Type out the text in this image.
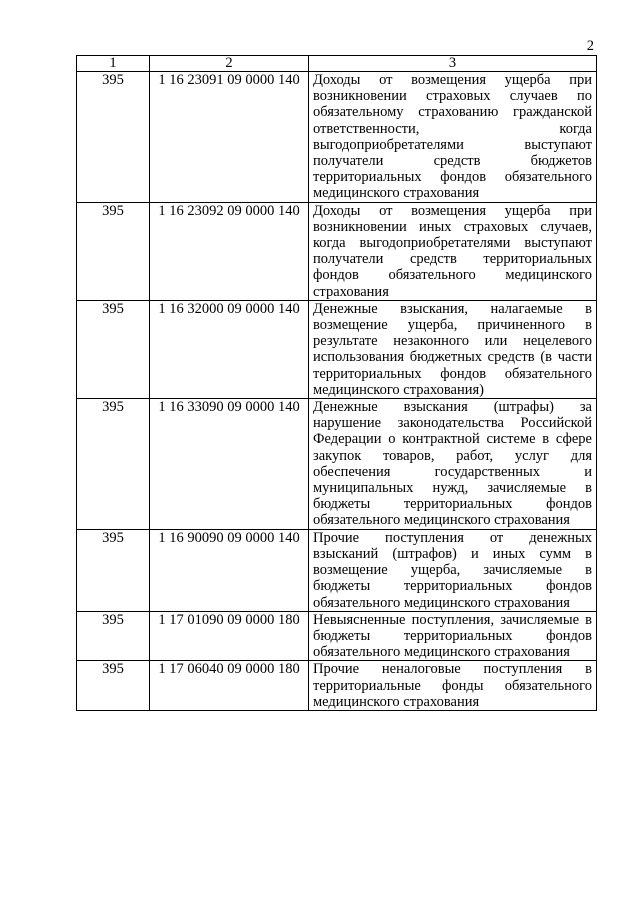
2
1	2	3
395	1 16 23091 09 0000 140	Доходы от возмещения ущерба при возникновении страховых случаев по обязательному страхованию гражданской ответственности, когда выгодоприобретателями выступают получатели средств бюджетов территориальных фондов обязательного медицинского страхования
395	1 16 23092 09 0000 140	Доходы от возмещения ущерба при возникновении иных страховых случаев, когда выгодоприобретателями выступают получатели средств территориальных фондов обязательного медицинского страхования
395	1 16 32000 09 0000 140	Денежные взыскания, налагаемые в возмещение ущерба, причиненного в результате незаконного или нецелевого использования бюджетных средств (в части территориальных фондов обязательного медицинского страхования)
395	1 16 33090 09 0000 140	Денежные взыскания (штрафы) за нарушение законодательства Российской Федерации о контрактной системе в сфере закупок товаров, работ, услуг для обеспечения государственных и муниципальных нужд, зачисляемые в бюджеты территориальных фондов обязательного медицинского страхования
395	1 16 90090 09 0000 140	Прочие поступления от денежных взысканий (штрафов) и иных сумм в возмещение ущерба, зачисляемые в бюджеты территориальных фондов обязательного медицинского страхования
395	1 17 01090 09 0000 180	Невыясненные поступления, зачисляемые в бюджеты территориальных фондов обязательного медицинского страхования
395	1 17 06040 09 0000 180	Прочие неналоговые поступления в территориальные фонды обязательного медицинского страхования
